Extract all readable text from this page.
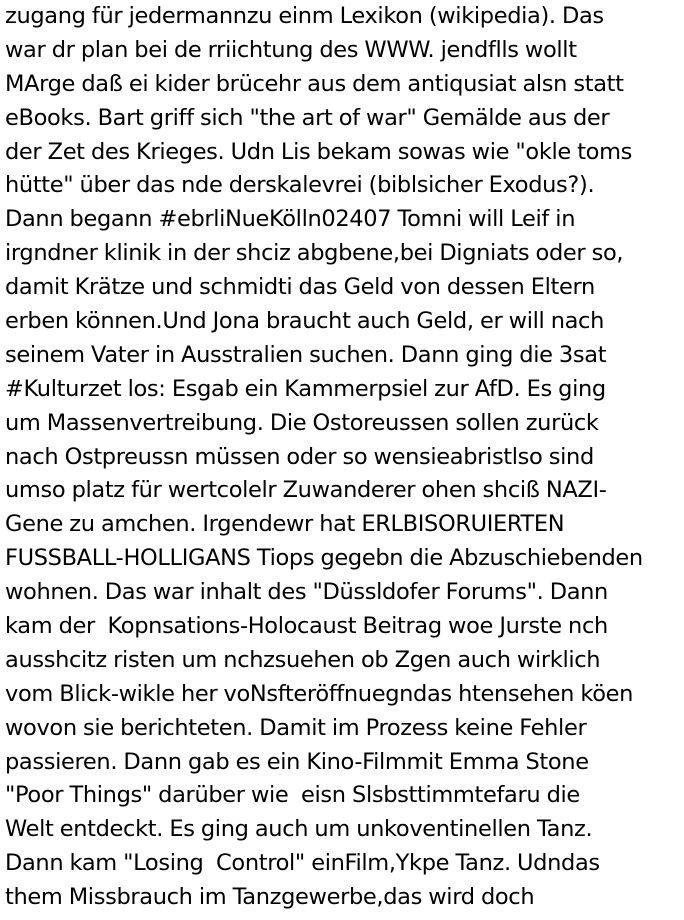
zugang für jedermannzu einm Lexikon (wikipedia). Das
war dr plan bei de rriichtung des WWW. jendflls wollt
MArge daß ei kider brücehr aus dem antiqusiat alsn statt
eBooks. Bart griff sich "the art of war" Gemälde aus der
der Zet des Krieges. Udn Lis bekam sowas wie "okle toms
hütte" über das nde derskalevrei (biblsicher Exodus?).
Dann begann #ebrliNueKölln02407 Tomni will Leif in
irgndner klinik in der shciz abgbene,bei Digniats oder so,
damit Krätze und schmidti das Geld von dessen Eltern
erben können.Und Jona braucht auch Geld, er will nach
seinem Vater in Ausstralien suchen. Dann ging die 3sat
#Kulturzet los: Esgab ein Kammerpsiel zur AfD. Es ging
um Massenvertreibung. Die Ostoreussen sollen zurück
nach Ostpreussn müssen oder so wensieabristlso sind
umso platz für wertcolelr Zuwanderer ohen shciß NAZI-
Gene zu amchen. Irgendewr hat ERLBISORUIERTEN
FUSSBALL-HOLLIGANS Tiops gegebn die Abzuschiebenden
wohnen. Das war inhalt des "Düssldofer Forums". Dann
kam der  Kopnsations-Holocaust Beitrag woe Jurste nch
ausshcitz risten um nchzsuehen ob Zgen auch wirklich
vom Blick-wikle her voNsfteröffnuegndas htensehen köen
wovon sie berichteten. Damit im Prozess keine Fehler
passieren. Dann gab es ein Kino-Filmmit Emma Stone
"Poor Things" darüber wie  eisn Slsbsttimmtefaru die
Welt entdeckt. Es ging auch um unkoventinellen Tanz.
Dann kam "Losing  Control" einFilm,Ykpe Tanz. Udndas
them Missbrauch im Tanzgewerbe,das wird doch
